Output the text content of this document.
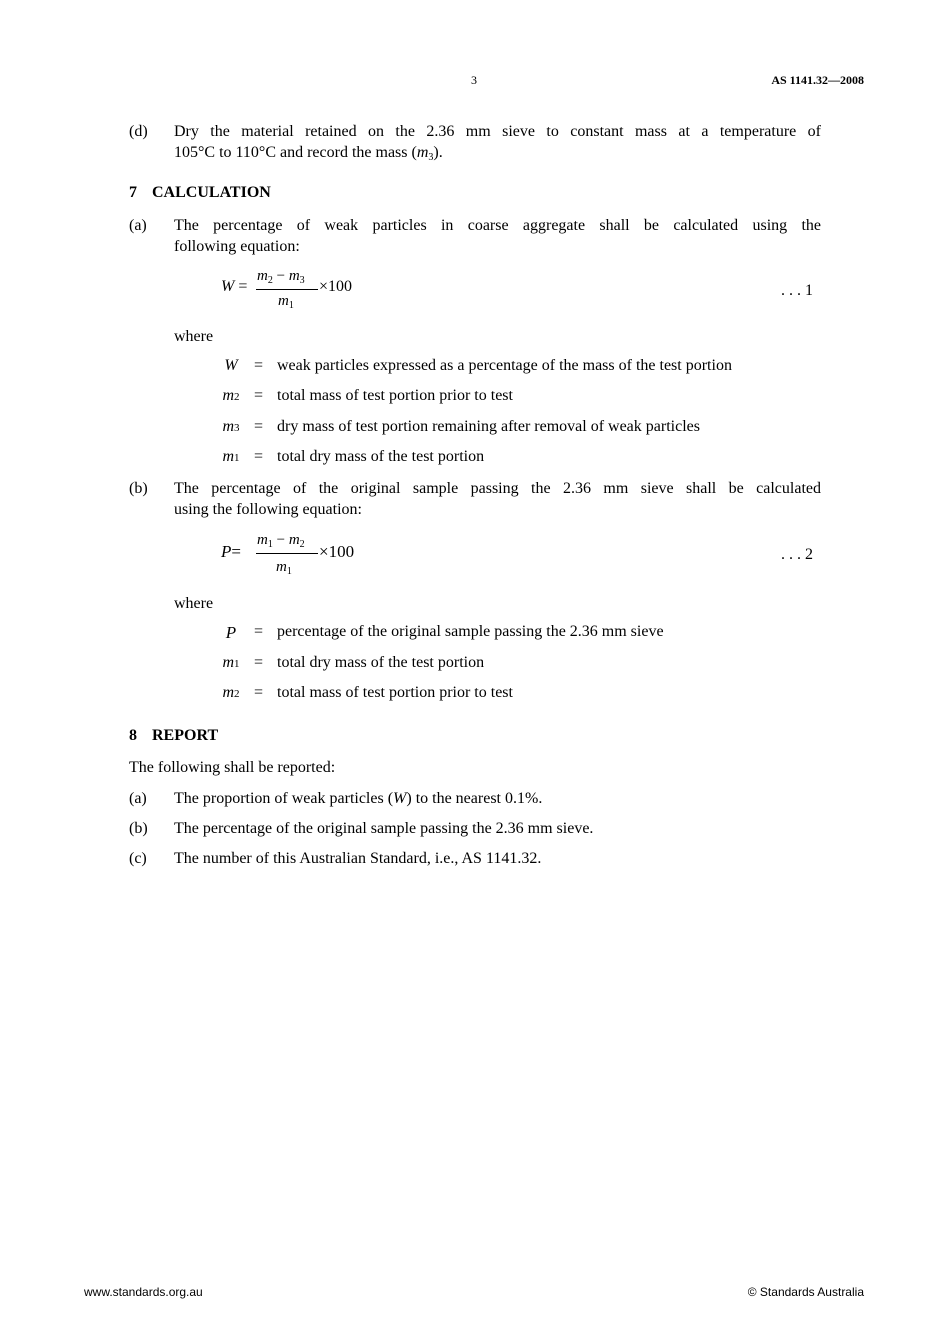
3	AS 1141.32—2008
(d) Dry the material retained on the 2.36 mm sieve to constant mass at a temperature of
105°C to 110°C and record the mass $(m_3)$.
7 CALCULATION
(a) The percentage of weak particles in coarse aggregate shall be calculated using the
following equation:
W =
$m_2 - m_3$
$m_1$
×100	. . . 1
where
W = weak particles expressed as a percentage of the mass of the test portion
m2 = total mass of test portion prior to test
m3 = dry mass of test portion remaining after removal of weak particles
m1 = total dry mass of the test portion
(b) The percentage of the original sample passing the 2.36 mm sieve shall be calculated
using the following equation:
P=
$m_1 - m_2$
$m_1$
×100	. . . 2
where
P	= percentage of the original sample passing the 2.36 mm sieve
m1 = total dry mass of the test portion
m2 = total mass of test portion prior to test
8 REPORT
The following shall be reported:
(a) The proportion of weak particles (W) to the nearest 0.1%.
(b) The percentage of the original sample passing the 2.36 mm sieve.
(c) The number of this Australian Standard, i.e., AS 1141.32.
www.standards.org.au	© Standards Australia
